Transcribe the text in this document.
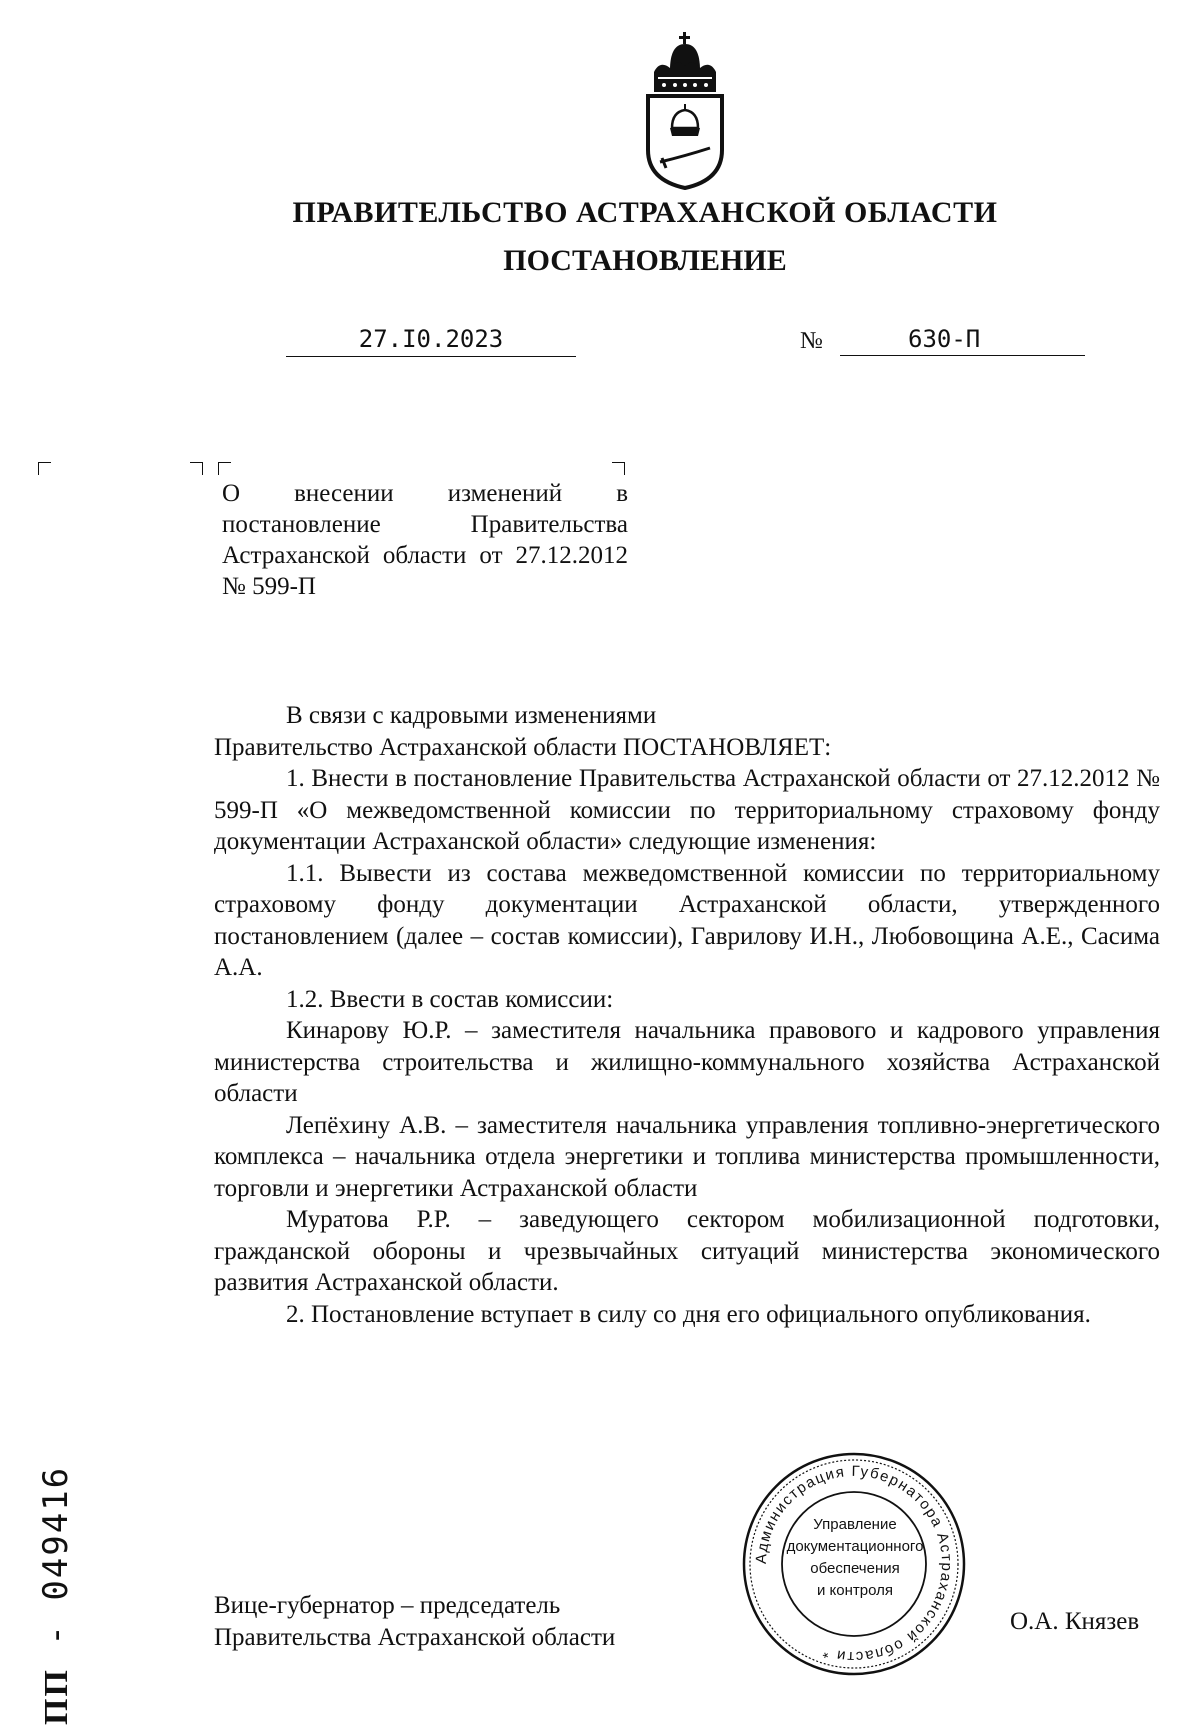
ПРАВИТЕЛЬСТВО АСТРАХАНСКОЙ ОБЛАСТИ
ПОСТАНОВЛЕНИЕ
27.I0.2023	№	630-П
О внесении изменений в постановление Правительства Астраханской области от 27.12.2012 № 599-П

В связи с кадровыми изменениями

Правительство Астраханской области ПОСТАНОВЛЯЕТ:

1. Внести в постановление Правительства Астраханской области от 27.12.2012 № 599-П «О межведомственной комиссии по территориальному страховому фонду документации Астраханской области» следующие изменения:

1.1. Вывести из состава межведомственной комиссии по территориальному страховому фонду документации Астраханской области, утвержденного постановлением (далее – состав комиссии), Гаврилову И.Н., Любовощина А.Е., Сасима А.А.

1.2. Ввести в состав комиссии:

Кинарову Ю.Р. – заместителя начальника правового и кадрового управления министерства строительства и жилищно-коммунального хозяйства Астраханской области

Лепёхину А.В. – заместителя начальника управления топливно-энергетического комплекса – начальника отдела энергетики и топлива министерства промышленности, торговли и энергетики Астраханской области

Муратова Р.Р. – заведующего сектором мобилизационной подготовки, гражданской обороны и чрезвычайных ситуаций министерства экономического развития Астраханской области.

2. Постановление вступает в силу со дня его официального опубликования.

Администрация Губернатора Астраханской области *
Управление
документационного
обеспечения
и контроля
Вице-губернатор – председатель
Правительства Астраханской области
О.А. Князев
ПП - 049416
